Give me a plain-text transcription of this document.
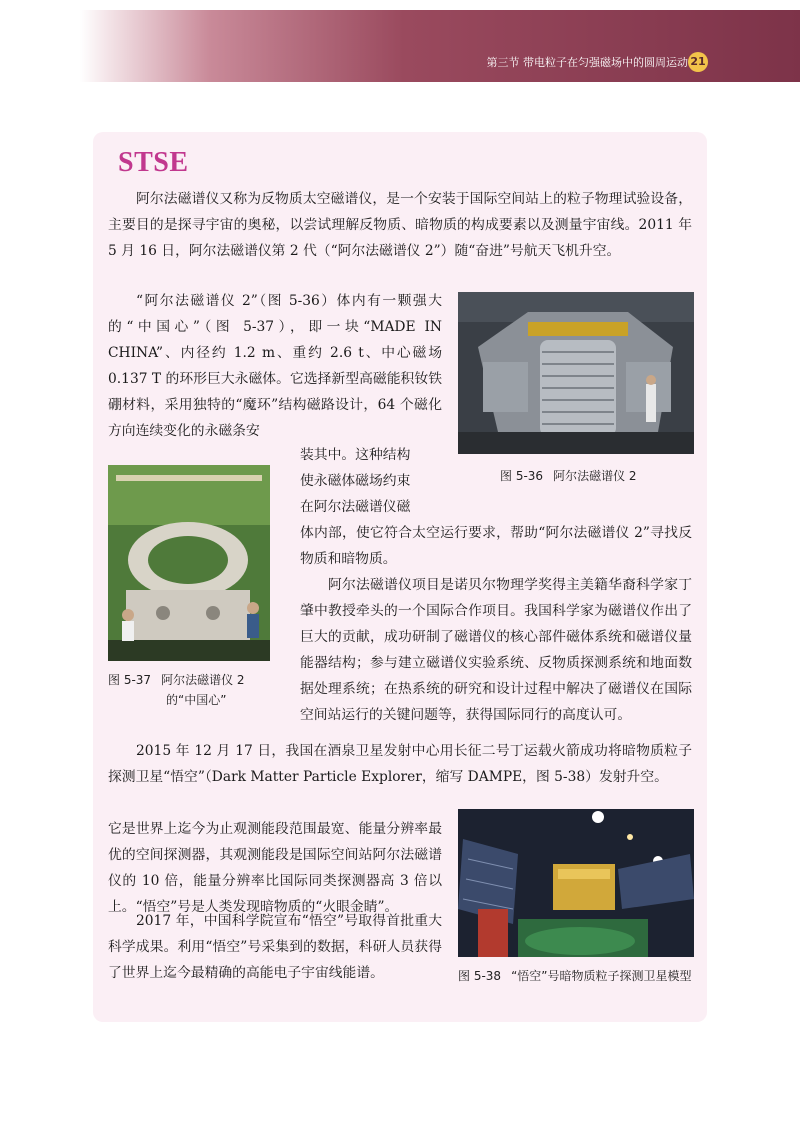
第三节 带电粒子在匀强磁场中的圆周运动 21
STSE

阿尔法磁谱仪又称为反物质太空磁谱仪，是一个安装于国际空间站上的粒子物理试验设备，主要目的是探寻宇宙的奥秘，以尝试理解反物质、暗物质的构成要素以及测量宇宙线。2011 年 5 月 16 日，阿尔法磁谱仪第 2 代（“阿尔法磁谱仪 2”）随“奋进”号航天飞机升空。

“阿尔法磁谱仪 2”（图 5-36）体内有一颗强大的“中国心”（图 5-37），即一块“MADE IN CHINA”、内径约 1.2 m、重约 2.6 t、中心磁场 0.137 T 的环形巨大永磁体。它选择新型高磁能积钕铁硼材料，采用独特的“魔环”结构磁路设计，64 个磁化方向连续变化的永磁条安

装其中。这种结构

使永磁体磁场约束

在阿尔法磁谱仪磁

体内部，使它符合太空运行要求，帮助“阿尔法磁谱仪 2”寻找反物质和暗物质。

阿尔法磁谱仪项目是诺贝尔物理学奖得主美籍华裔科学家丁肇中教授牵头的一个国际合作项目。我国科学家为磁谱仪作出了巨大的贡献，成功研制了磁谱仪的核心部件磁体系统和磁谱仪量能器结构；参与建立磁谱仪实验系统、反物质探测系统和地面数据处理系统；在热系统的研究和设计过程中解决了磁谱仪在国际空间站运行的关键问题等，获得国际同行的高度认可。

2015 年 12 月 17 日，我国在酒泉卫星发射中心用长征二号丁运载火箭成功将暗物质粒子探测卫星“悟空”（Dark Matter Particle Explorer，缩写 DAMPE，图 5-38）发射升空。

它是世界上迄今为止观测能段范围最宽、能量分辨率最优的空间探测器，其观测能段是国际空间站阿尔法磁谱仪的 10 倍，能量分辨率比国际同类探测器高 3 倍以上。“悟空”号是人类发现暗物质的“火眼金睛”。

2017 年，中国科学院宣布“悟空”号取得首批重大科学成果。利用“悟空”号采集到的数据，科研人员获得了世界上迄今最精确的高能电子宇宙线能谱。

图 5-36 阿尔法磁谱仪 2

图 5-37 阿尔法磁谱仪 2

的“中国心”

图 5-38 “悟空”号暗物质粒子探测卫星模型
